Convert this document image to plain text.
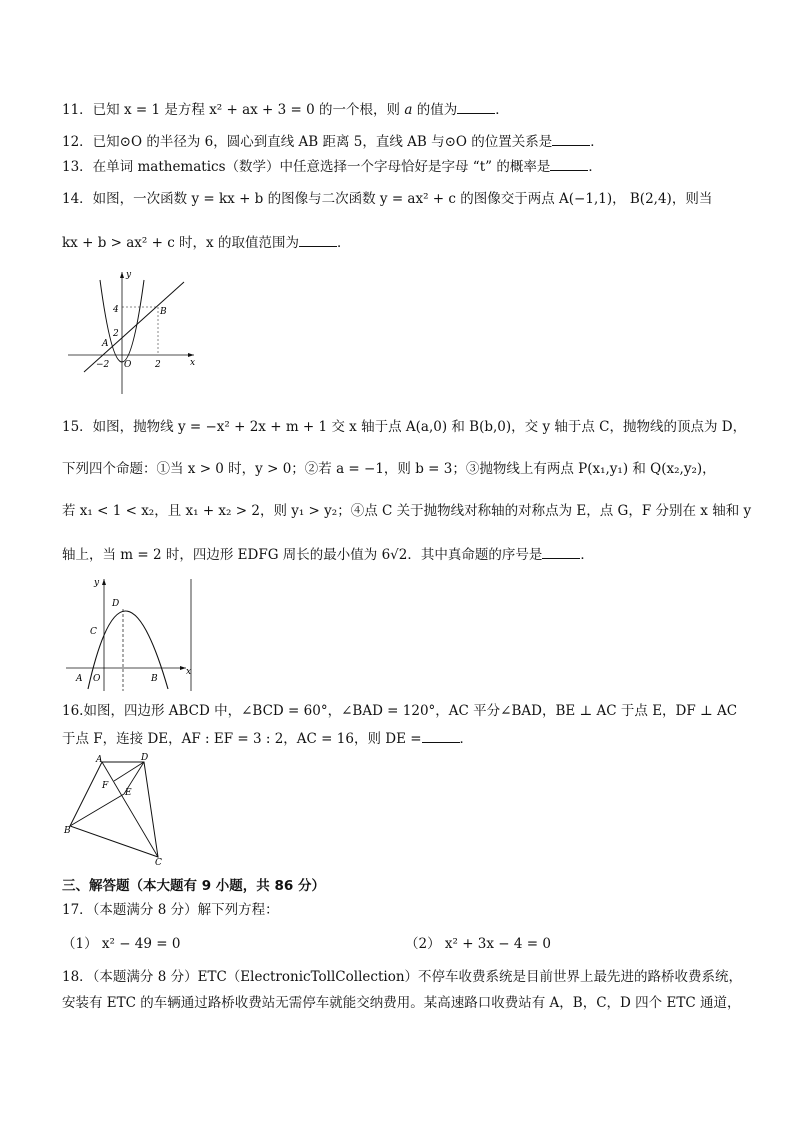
11．已知 x = 1 是方程 x² + ax + 3 = 0 的一个根，则 a 的值为	．
12．已知⊙O 的半径为 6，圆心到直线 AB 距离 5，直线 AB 与⊙O 的位置关系是	．
13．在单词 mathematics（数学）中任意选择一个字母恰好是字母 “t” 的概率是	．
14．如图，一次函数 y = kx + b 的图像与二次函数 y = ax² + c 的图像交于两点 A(−1,1)， B(2,4)，则当
kx + b > ax² + c 时，x 的取值范围为	．
y
x
O
4
2
−2	2
A
B
15．如图，抛物线 y = −x² + 2x + m + 1 交 x 轴于点 A(a,0) 和 B(b,0)，交 y 轴于点 C，抛物线的顶点为 D，
下列四个命题：①当 x > 0 时，y > 0；②若 a = −1，则 b = 3；③抛物线上有两点 P(x₁,y₁) 和 Q(x₂,y₂)，
若 x₁ < 1 < x₂，且 x₁ + x₂ > 2，则 y₁ > y₂；④点 C 关于抛物线对称轴的对称点为 E，点 G，F 分别在 x 轴和 y
轴上，当 m = 2 时，四边形 EDFG 周长的最小值为 6√2．其中真命题的序号是	．
y
x
D
C
A O	B
16.如图，四边形 ABCD 中，∠BCD = 60°，∠BAD = 120°，AC 平分∠BAD，BE ⊥ AC 于点 E，DF ⊥ AC
于点 F，连接 DE，AF : EF = 3 : 2，AC = 16，则 DE =	．
A	D
F
E
B
C
三、解答题（本大题有 9 小题，共 86 分）
17．（本题满分 8 分）解下列方程：
（1） x² − 49 = 0	（2） x² + 3x − 4 = 0
18．（本题满分 8 分）ETC（ElectronicTollCollection）不停车收费系统是目前世界上最先进的路桥收费系统，
安装有 ETC 的车辆通过路桥收费站无需停车就能交纳费用。某高速路口收费站有 A，B，C，D 四个 ETC 通道，
